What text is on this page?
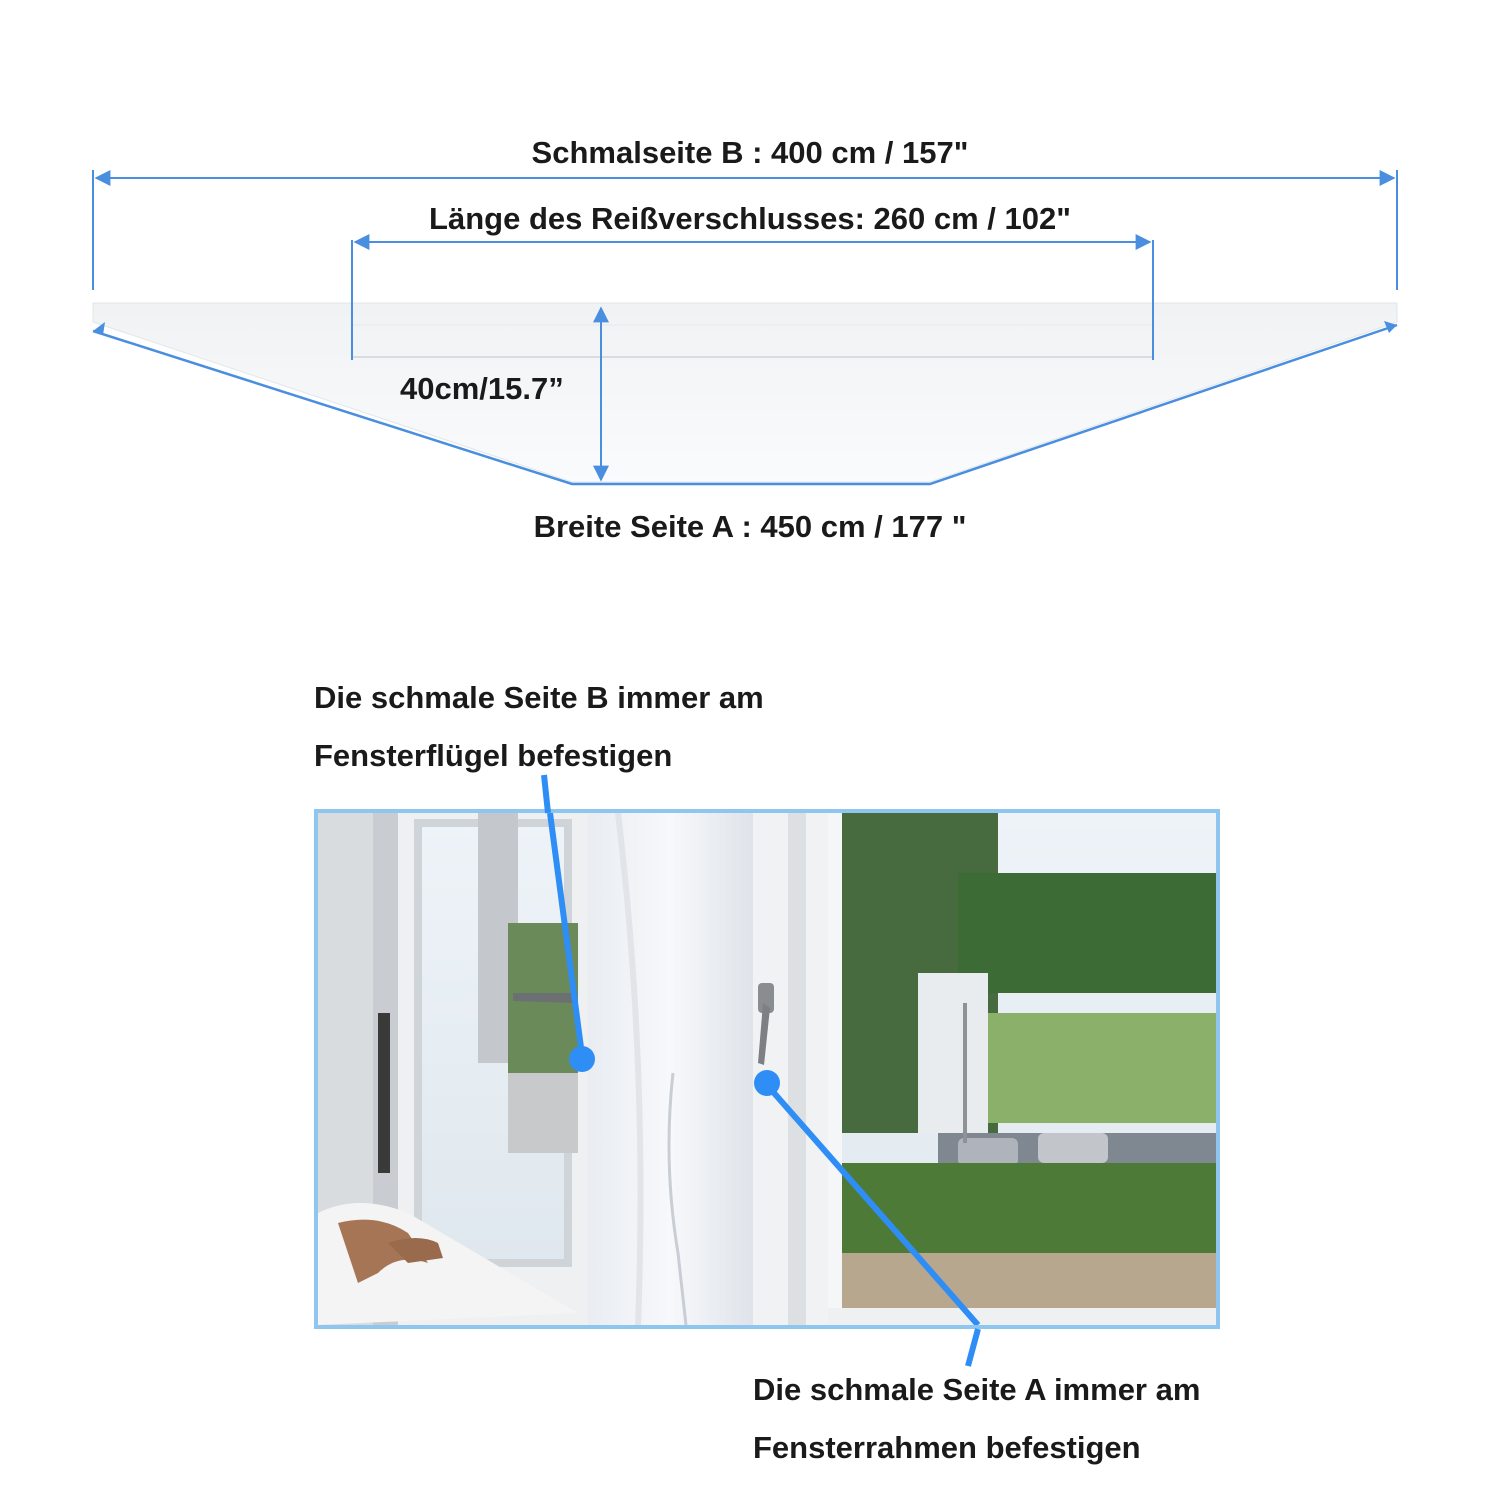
Schmalseite B : 400 cm / 157"
Länge des Reißverschlusses: 260 cm / 102"
40cm/15.7”
Breite Seite A : 450 cm / 177 "
Die schmale Seite B immer am
Fensterflügel befestigen
Die schmale Seite A immer am
Fensterrahmen befestigen
